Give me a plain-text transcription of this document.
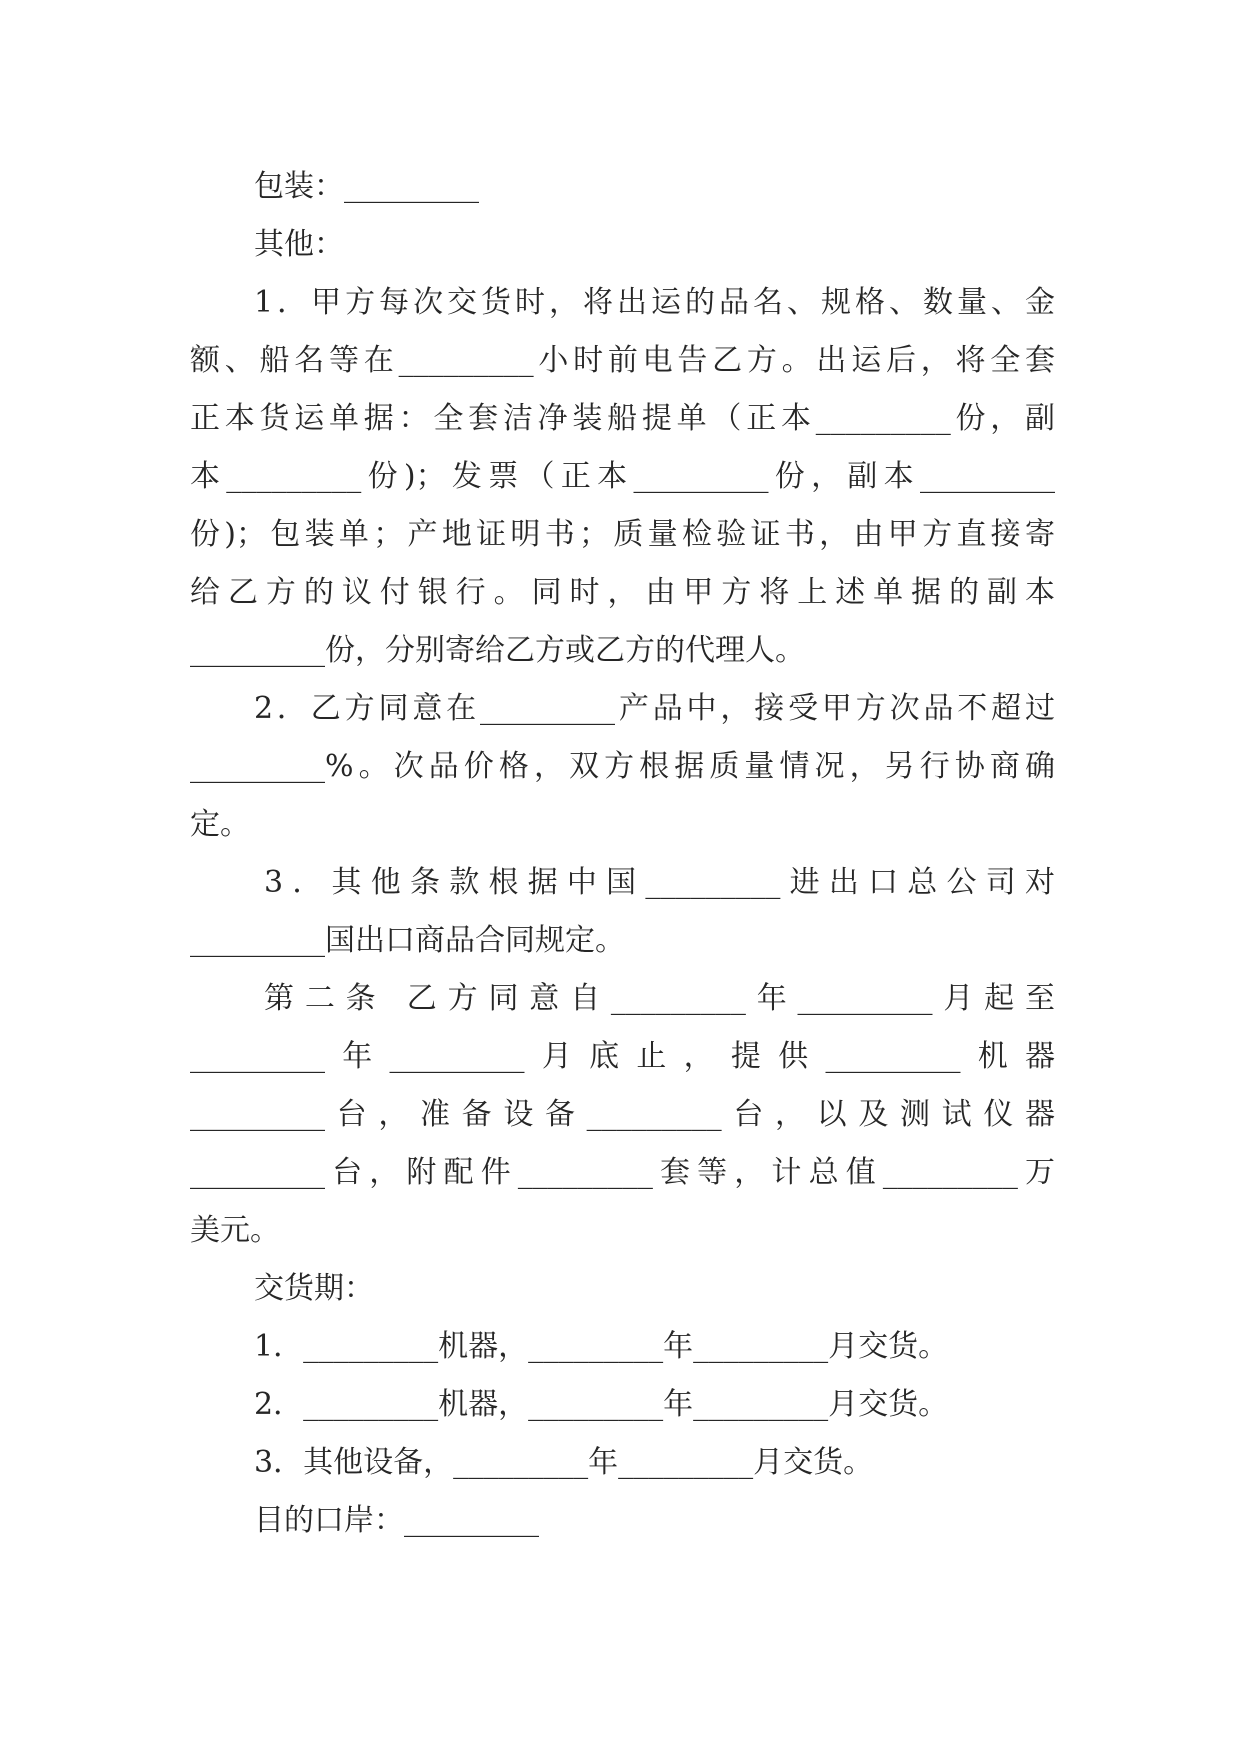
包装：_________
其他：
1．甲方每次交货时，将出运的品名、规格、数量、金
额、船名等在_________小时前电告乙方。出运后，将全套
正本货运单据：全套洁净装船提单（正本_________份，副
本_________份)；发票（正本_________份，副本_________
份)；包装单；产地证明书；质量检验证书，由甲方直接寄
给乙方的议付银行。同时，由甲方将上述单据的副本
_________份，分别寄给乙方或乙方的代理人。
2．乙方同意在_________产品中，接受甲方次品不超过
_________%。次品价格，双方根据质量情况，另行协商确
定。
3．其他条款根据中国_________进出口总公司对
_________国出口商品合同规定。
第二条 乙方同意自_________年_________月起至
_________年_________月底止，提供_________机器
_________台，准备设备_________台，以及测试仪器
_________台，附配件_________套等，计总值_________万
美元。
交货期：
1．_________机器，_________年_________月交货。
2．_________机器，_________年_________月交货。
3．其他设备，_________年_________月交货。
目的口岸：_________
